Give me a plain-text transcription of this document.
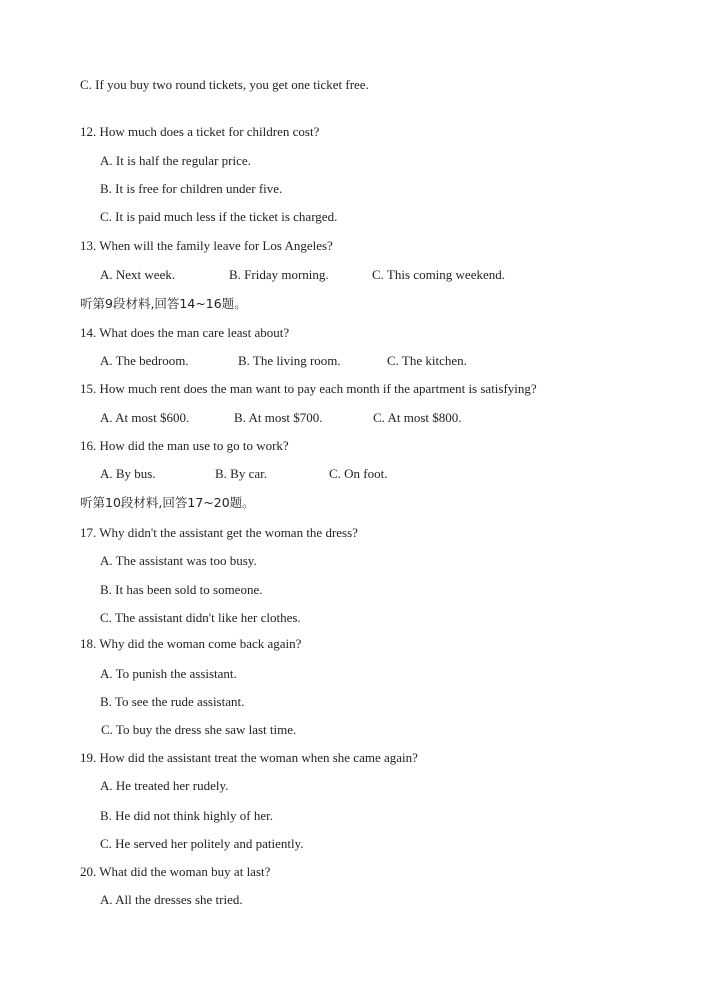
C. If you buy two round tickets, you get one ticket free.
12. How much does a ticket for children cost?
A. It is half the regular price.
B. It is free for children under five.
C. It is paid much less if the ticket is charged.
13. When will the family leave for Los Angeles?
A. Next week.	B. Friday morning.	C. This coming weekend.
听第9段材料,回答14~16题。
14. What does the man care least about?
A. The bedroom.	B. The living room.	C. The kitchen.
15. How much rent does the man want to pay each month if the apartment is satisfying?
A. At most $600.	B. At most $700.	C. At most $800.
16. How did the man use to go to work?
A. By bus.	B. By car.	C. On foot.
听第10段材料,回答17~20题。
17. Why didn't the assistant get the woman the dress?
A. The assistant was too busy.
B. It has been sold to someone.
C. The assistant didn't like her clothes.
18. Why did the woman come back again?
A. To punish the assistant.
B. To see the rude assistant.
C. To buy the dress she saw last time.
19. How did the assistant treat the woman when she came again?
A. He treated her rudely.
B. He did not think highly of her.
C. He served her politely and patiently.
20. What did the woman buy at last?
A. All the dresses she tried.
